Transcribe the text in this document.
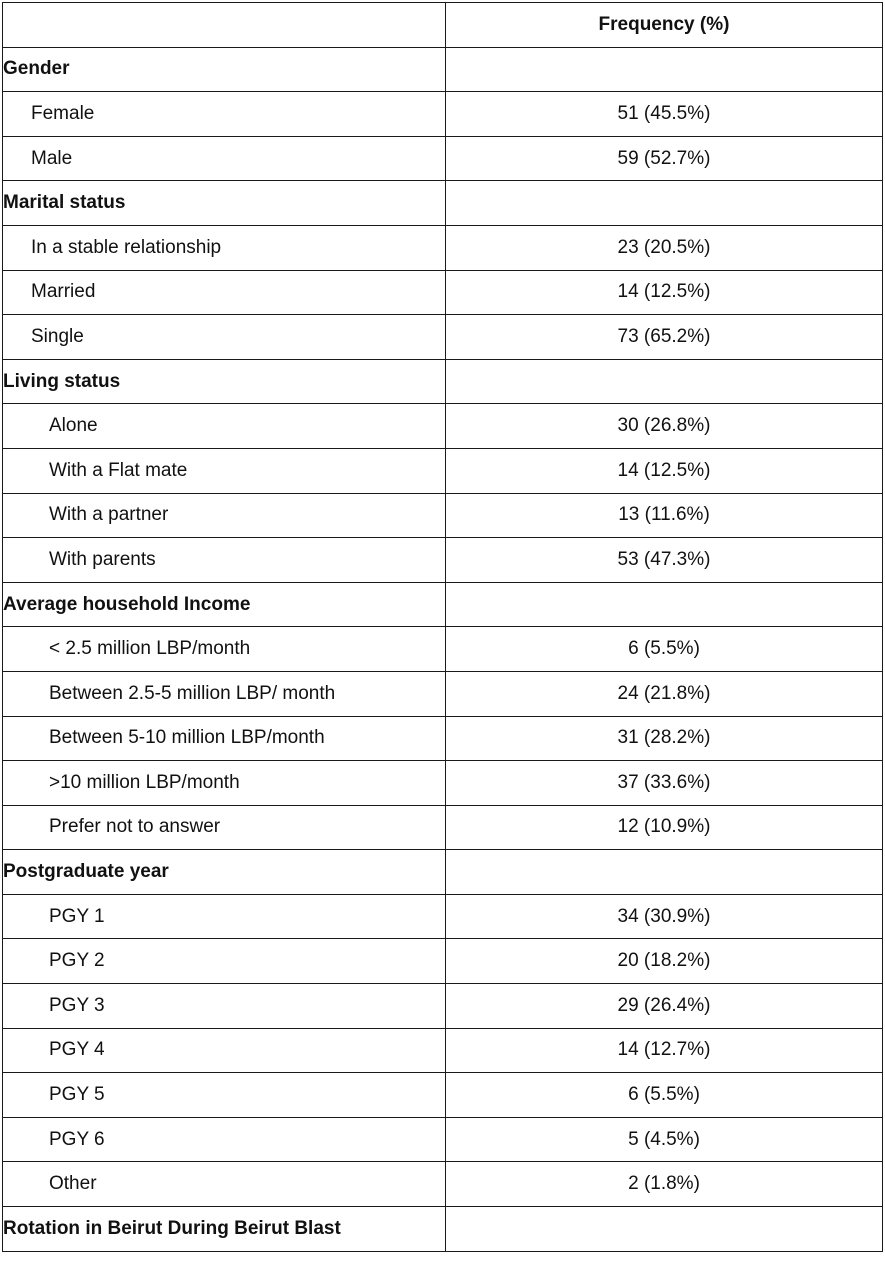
	Frequency (%)
Gender	
Female	51 (45.5%)
Male	59 (52.7%)
Marital status	
In a stable relationship	23 (20.5%)
Married	14 (12.5%)
Single	73 (65.2%)
Living status	
Alone	30 (26.8%)
With a Flat mate	14 (12.5%)
With a partner	13 (11.6%)
With parents	53 (47.3%)
Average household Income	
< 2.5 million LBP/month	6 (5.5%)
Between 2.5-5 million LBP/ month	24 (21.8%)
Between 5-10 million LBP/month	31 (28.2%)
>10 million LBP/month	37 (33.6%)
Prefer not to answer	12 (10.9%)
Postgraduate year	
PGY 1	34 (30.9%)
PGY 2	20 (18.2%)
PGY 3	29 (26.4%)
PGY 4	14 (12.7%)
PGY 5	6 (5.5%)
PGY 6	5 (4.5%)
Other	2 (1.8%)
Rotation in Beirut During Beirut Blast	
